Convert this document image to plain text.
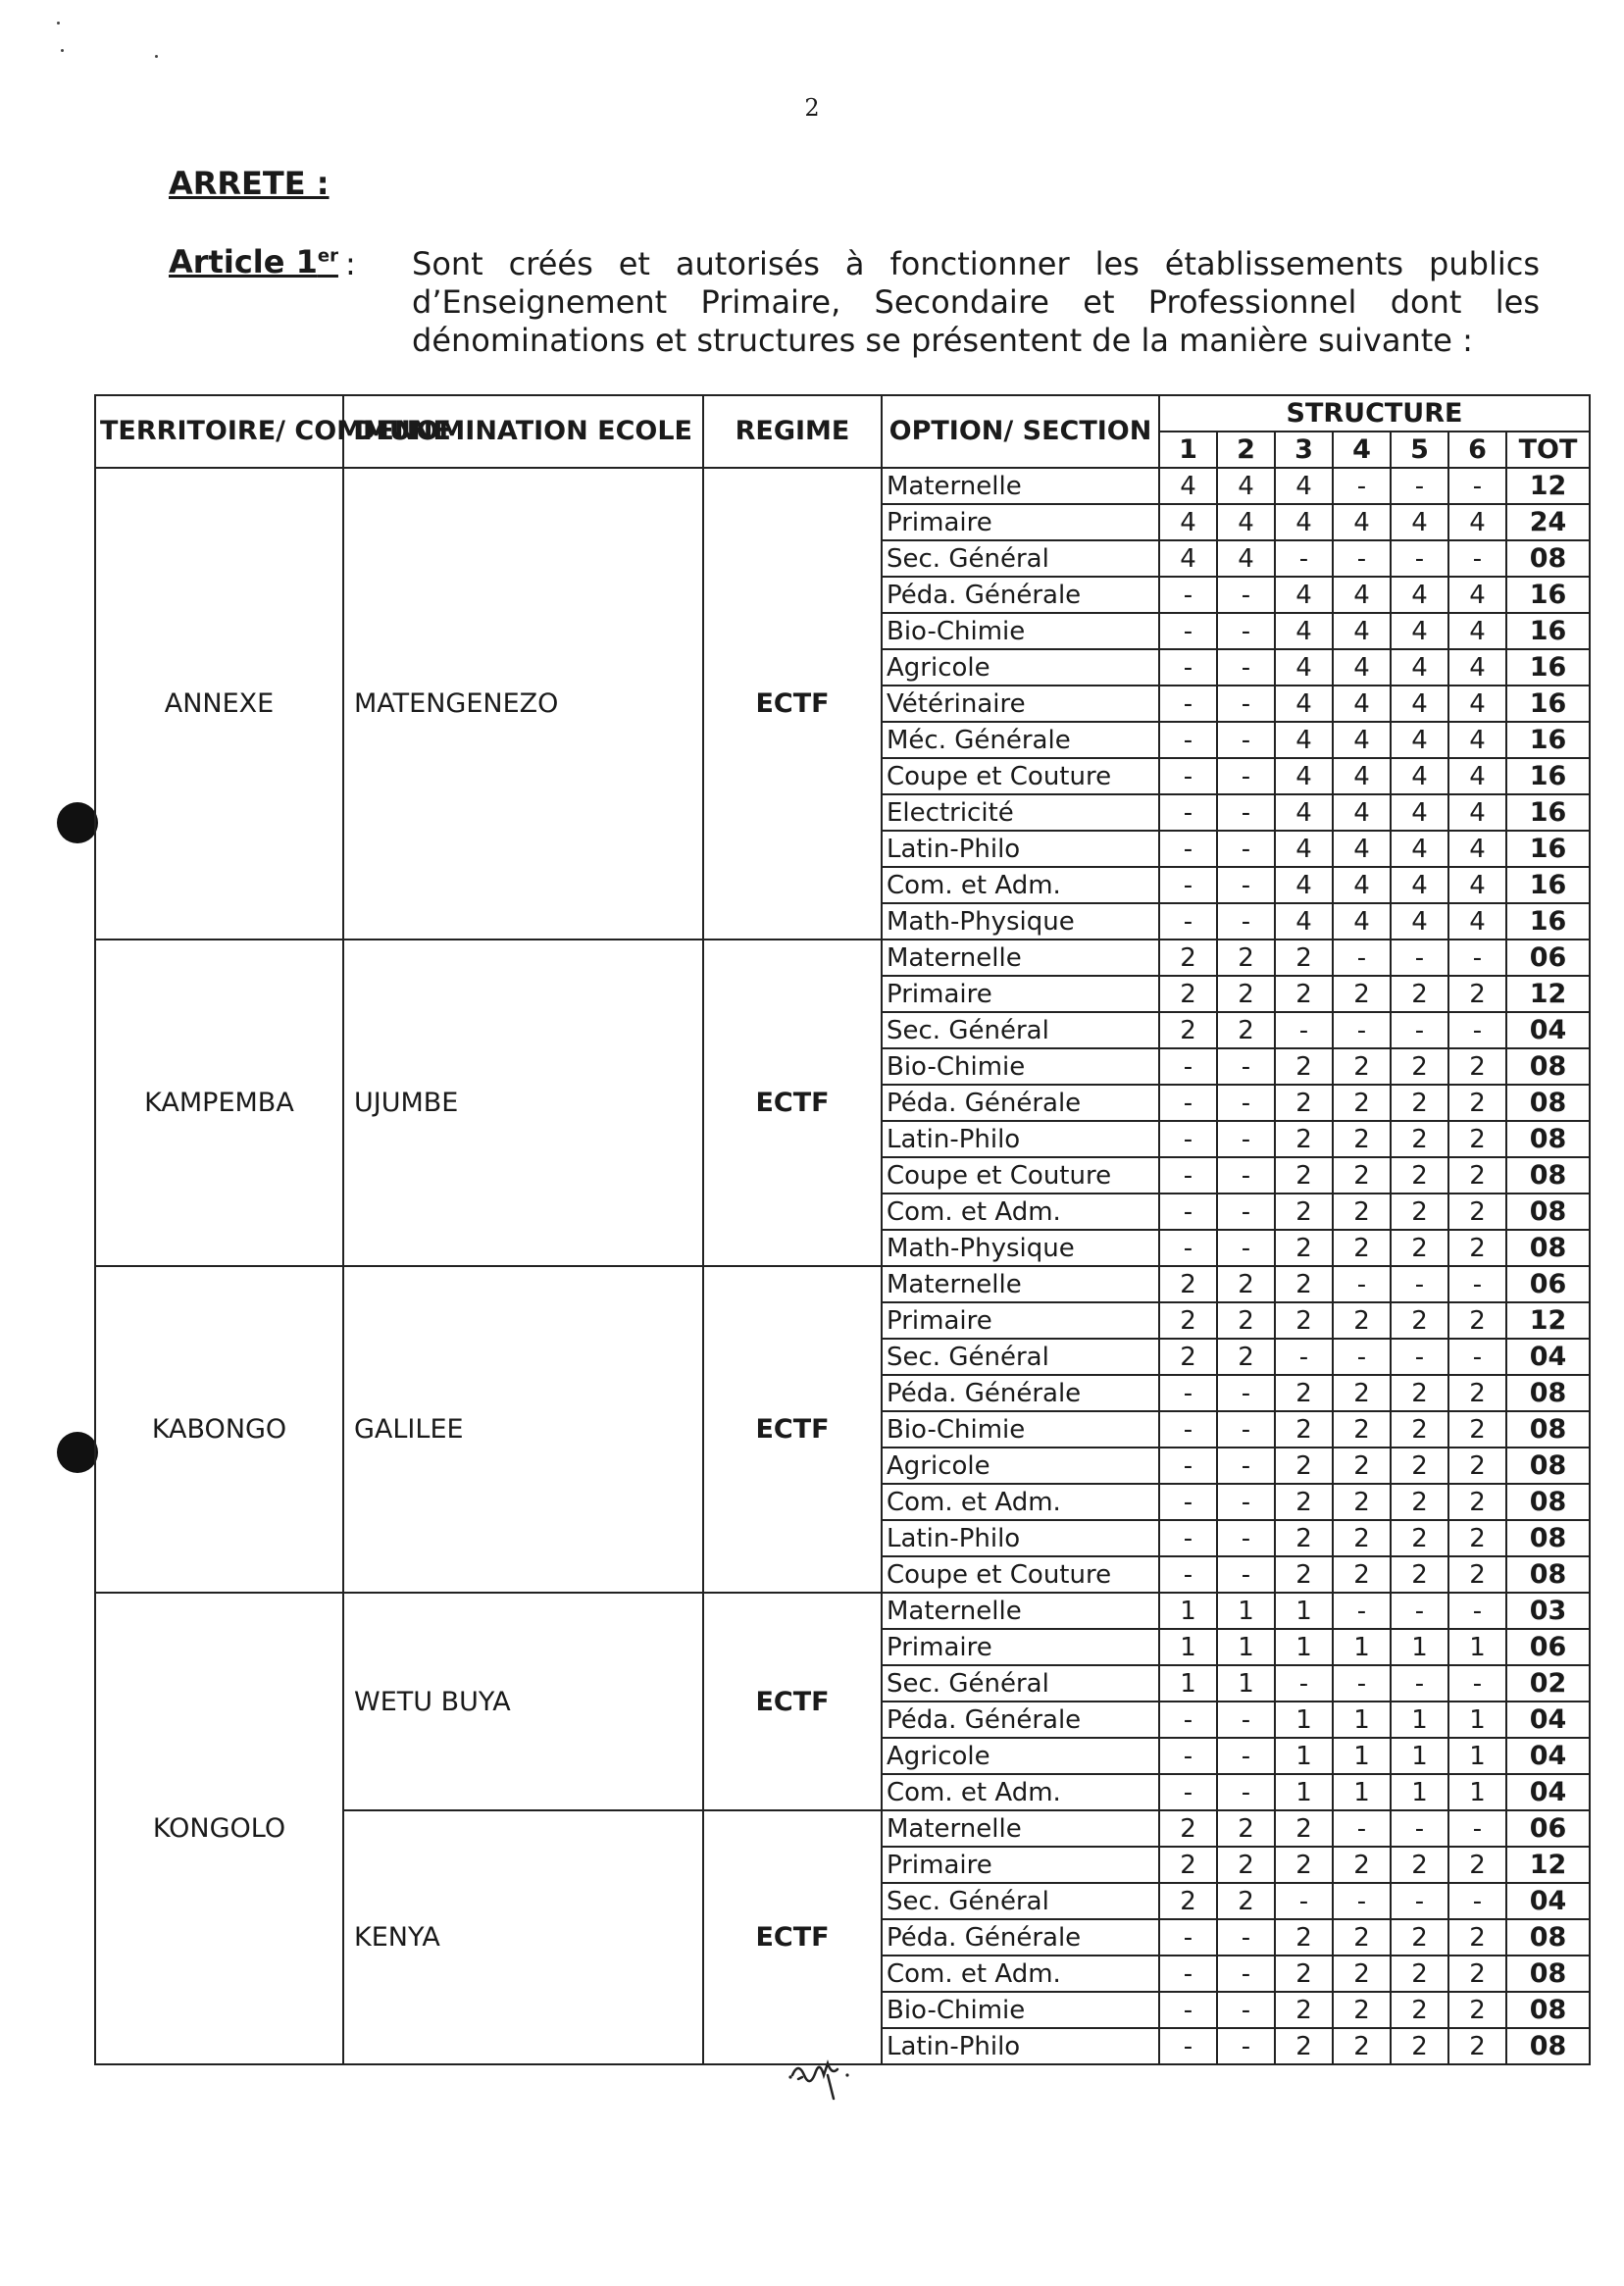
2
ARRETE :
Article 1er : Sont créés et autorisés à fonctionner les établissements publics d’Enseignement Primaire, Secondaire et Professionnel dont les dénominations et structures se présentent de la manière suivante :
TERRITOIRE/ COMMUNE	DENOMINATION ECOLE	REGIME	OPTION/ SECTION	STRUCTURE						
				1	2	3	4	5	6	TOT
ANNEXE	MATENGENEZO	ECTF	Maternelle	4	4	4	-	-	-	12
			Primaire	4	4	4	4	4	4	24
			Sec. Général	4	4	-	-	-	-	08
			Péda. Générale	-	-	4	4	4	4	16
			Bio-Chimie	-	-	4	4	4	4	16
			Agricole	-	-	4	4	4	4	16
			Vétérinaire	-	-	4	4	4	4	16
			Méc. Générale	-	-	4	4	4	4	16
			Coupe et Couture	-	-	4	4	4	4	16
			Electricité	-	-	4	4	4	4	16
			Latin-Philo	-	-	4	4	4	4	16
			Com. et Adm.	-	-	4	4	4	4	16
			Math-Physique	-	-	4	4	4	4	16
KAMPEMBA	UJUMBE	ECTF	Maternelle	2	2	2	-	-	-	06
			Primaire	2	2	2	2	2	2	12
			Sec. Général	2	2	-	-	-	-	04
			Bio-Chimie	-	-	2	2	2	2	08
			Péda. Générale	-	-	2	2	2	2	08
			Latin-Philo	-	-	2	2	2	2	08
			Coupe et Couture	-	-	2	2	2	2	08
			Com. et Adm.	-	-	2	2	2	2	08
			Math-Physique	-	-	2	2	2	2	08
KABONGO	GALILEE	ECTF	Maternelle	2	2	2	-	-	-	06
			Primaire	2	2	2	2	2	2	12
			Sec. Général	2	2	-	-	-	-	04
			Péda. Générale	-	-	2	2	2	2	08
			Bio-Chimie	-	-	2	2	2	2	08
			Agricole	-	-	2	2	2	2	08
			Com. et Adm.	-	-	2	2	2	2	08
			Latin-Philo	-	-	2	2	2	2	08
			Coupe et Couture	-	-	2	2	2	2	08
KONGOLO	WETU BUYA	ECTF	Maternelle	1	1	1	-	-	-	03
			Primaire	1	1	1	1	1	1	06
			Sec. Général	1	1	-	-	-	-	02
			Péda. Générale	-	-	1	1	1	1	04
			Agricole	-	-	1	1	1	1	04
			Com. et Adm.	-	-	1	1	1	1	04
	KENYA	ECTF	Maternelle	2	2	2	-	-	-	06
			Primaire	2	2	2	2	2	2	12
			Sec. Général	2	2	-	-	-	-	04
			Péda. Générale	-	-	2	2	2	2	08
			Com. et Adm.	-	-	2	2	2	2	08
			Bio-Chimie	-	-	2	2	2	2	08
			Latin-Philo	-	-	2	2	2	2	08
